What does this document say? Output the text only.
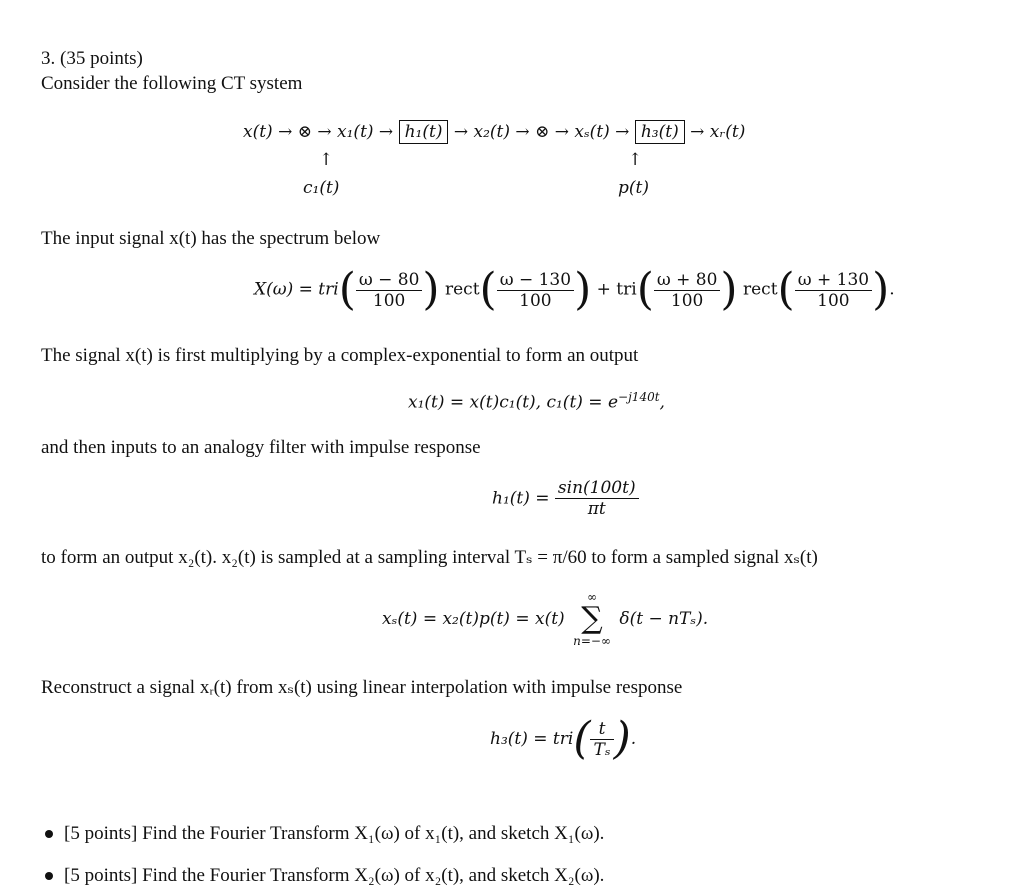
3. (35 points)
Consider the following CT system
x(t) → ⊗ → x₁(t) → h₁(t) → x₂(t) → ⊗ → xₛ(t) → h₃(t) → xᵣ(t)
↑	↑
c₁(t)	p(t)
The input signal x(t) has the spectrum below
$X(\omega) = tri( \frac{\omega - 80}{100}$ ) rect( $\frac{\omega - 130}{100}$ ) + $tri( \frac{\omega + 80}{100}$ ) rect( $\frac{\omega + 130}{100}$ ).
The signal x(t) is first multiplying by a complex-exponential to form an output
x₁(t) = x(t)c₁(t), $c_1(t) = e^{-j140t}$,
and then inputs to an analogy filter with impulse response
$h_1(t) = \frac{\sin(100t)}{\pi t}$
to form an output x₂(t). x₂(t) is sampled at a sampling interval Tₛ = π/60 to form a sampled signal xₛ(t)
xₛ(t) = x₂(t)p(t) = x(t)
∞
∑
n=−∞
δ(t − nTₛ).
Reconstruct a signal xᵣ(t) from xₛ(t) using linear interpolation with impulse response
$h_3(t) = tri( \frac{t}{\text{Tₛ}}$ ).
[5 points] Find the Fourier Transform X₁(ω) of x₁(t), and sketch X₁(ω).
[5 points] Find the Fourier Transform X₂(ω) of x₂(t), and sketch X₂(ω).
